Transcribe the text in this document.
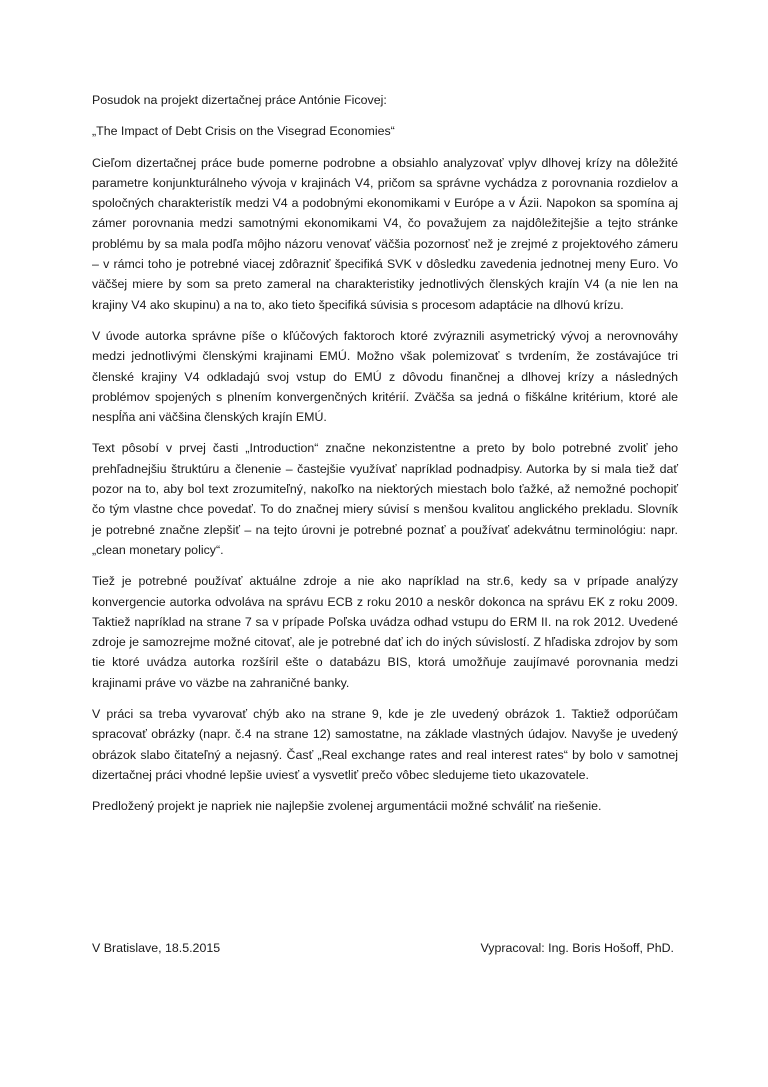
Posudok na projekt dizertačnej práce Antónie Ficovej:

„The Impact of Debt Crisis on the Visegrad Economies“

Cieľom dizertačnej práce bude pomerne podrobne a obsiahlo analyzovať vplyv dlhovej krízy na dôležité parametre konjunkturálneho vývoja v krajinách V4, pričom sa správne vychádza z porovnania rozdielov a spoločných charakteristík medzi V4 a podobnými ekonomikami v Európe a v Ázii. Napokon sa spomína aj zámer porovnania medzi samotnými ekonomikami V4, čo považujem za najdôležitejšie a tejto stránke problému by sa mala podľa môjho názoru venovať väčšia pozornosť než je zrejmé z projektového zámeru – v rámci toho je potrebné viacej zdôrazniť špecifiká SVK v dôsledku zavedenia jednotnej meny Euro. Vo väčšej miere by som sa preto zameral na charakteristiky jednotlivých členských krajín V4 (a nie len na krajiny V4 ako skupinu) a na to, ako tieto špecifiká súvisia s procesom adaptácie na dlhovú krízu.

V úvode autorka správne píše o kľúčových faktoroch ktoré zvýraznili asymetrický vývoj a nerovnováhy medzi jednotlivými členskými krajinami EMÚ. Možno však polemizovať s tvrdením, že zostávajúce tri členské krajiny V4 odkladajú svoj vstup do EMÚ z dôvodu finančnej a dlhovej krízy a následných problémov spojených s plnením konvergenčných kritérií. Zväčša sa jedná o fiškálne kritérium, ktoré ale nespĺňa ani väčšina členských krajín EMÚ.

Text pôsobí v prvej časti „Introduction“ značne nekonzistentne a preto by bolo potrebné zvoliť jeho prehľadnejšiu štruktúru a členenie – častejšie využívať napríklad podnadpisy. Autorka by si mala tiež dať pozor na to, aby bol text zrozumiteľný, nakoľko na niektorých miestach bolo ťažké, až nemožné pochopiť čo tým vlastne chce povedať. To do značnej miery súvisí s menšou kvalitou anglického prekladu. Slovník je potrebné značne zlepšiť – na tejto úrovni je potrebné poznať a používať adekvátnu terminológiu: napr. „clean monetary policy“.

Tiež je potrebné používať aktuálne zdroje a nie ako napríklad na str.6, kedy sa v prípade analýzy konvergencie autorka odvoláva na správu ECB z roku 2010 a neskôr dokonca na správu EK z roku 2009. Taktiež napríklad na strane 7 sa v prípade Poľska uvádza odhad vstupu do ERM II. na rok 2012. Uvedené zdroje je samozrejme možné citovať, ale je potrebné dať ich do iných súvislostí. Z hľadiska zdrojov by som tie ktoré uvádza autorka rozšíril ešte o databázu BIS, ktorá umožňuje zaujímavé porovnania medzi krajinami práve vo väzbe na zahraničné banky.

V práci sa treba vyvarovať chýb ako na strane 9, kde je zle uvedený obrázok 1. Taktiež odporúčam spracovať obrázky (napr. č.4 na strane 12) samostatne, na základe vlastných údajov. Navyše je uvedený obrázok slabo čitateľný a nejasný. Časť „Real exchange rates and real interest rates“ by bolo v samotnej dizertačnej práci vhodné lepšie uviesť a vysvetliť prečo vôbec sledujeme tieto ukazovatele.

Predložený projekt je napriek nie najlepšie zvolenej argumentácii možné schváliť na riešenie.

V Bratislave, 18.5.2015	Vypracoval: Ing. Boris Hošoff, PhD.
